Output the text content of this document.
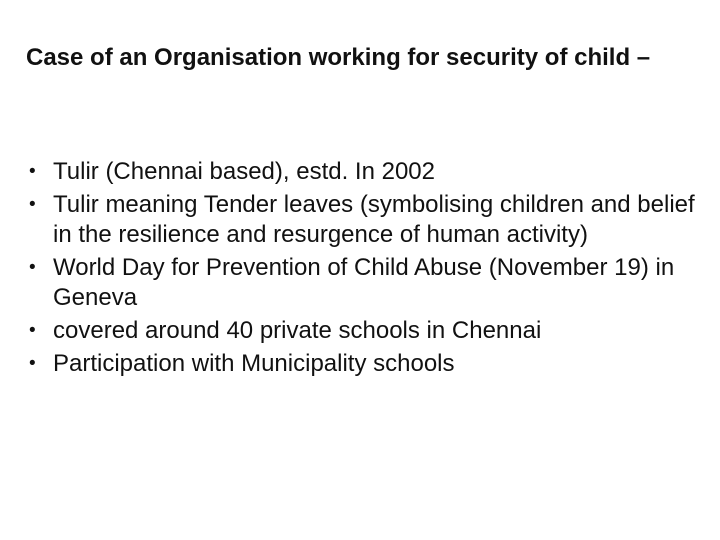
Case of an Organisation working for security of child –
• Tulir (Chennai based), estd. In 2002
• Tulir meaning Tender leaves (symbolising children and belief in the resilience and resurgence of human activity)
• World Day for Prevention of Child Abuse (November 19) in Geneva
• covered around 40 private schools in Chennai
• Participation with Municipality schools
